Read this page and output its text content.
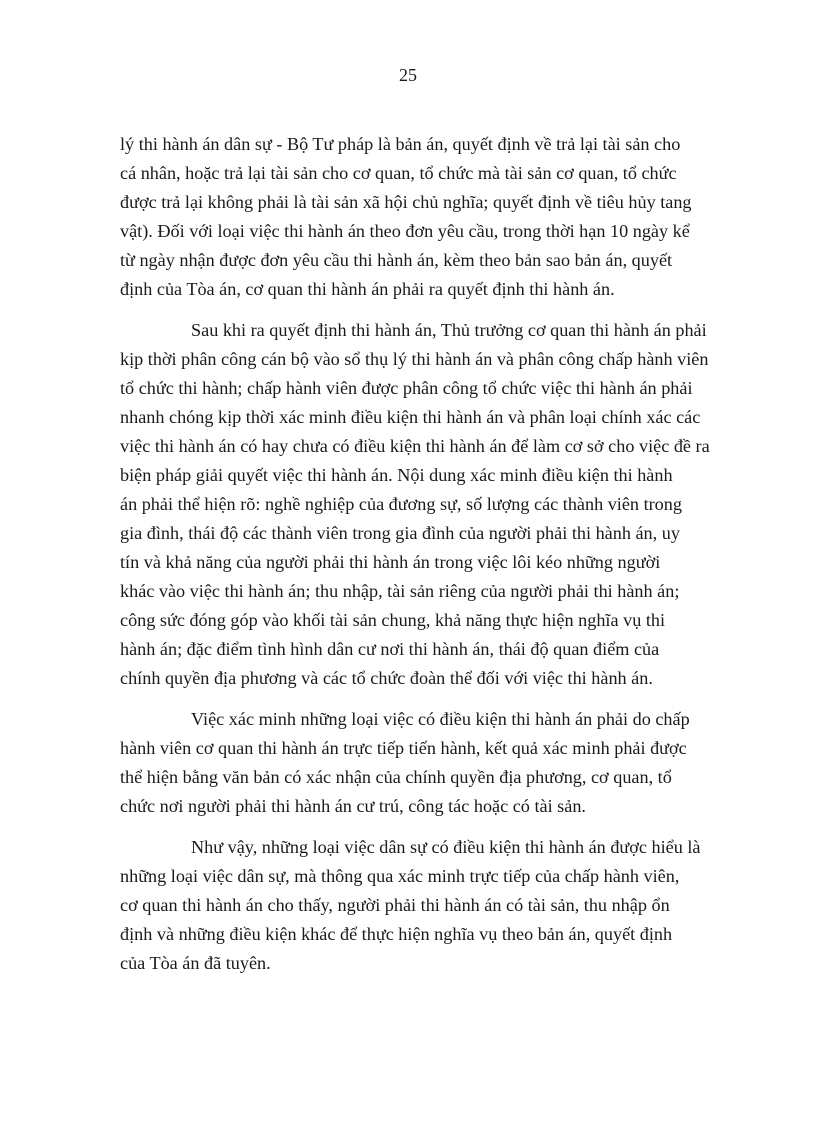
25
lý thi hành án dân sự - Bộ Tư pháp là bản án, quyết định về trả lại tài sản cho
cá nhân, hoặc trả lại tài sản cho cơ quan, tổ chức mà tài sản cơ quan, tổ chức
được trả lại không phải là tài sản xã hội chủ nghĩa; quyết định về tiêu hủy tang
vật). Đối với loại việc thi hành án theo đơn yêu cầu, trong thời hạn 10 ngày kể
từ ngày nhận được đơn yêu cầu thi hành án, kèm theo bản sao bản án, quyết
định của Tòa án, cơ quan thi hành án phải ra quyết định thi hành án.
Sau khi ra quyết định thi hành án, Thủ trưởng cơ quan thi hành án phải
kịp thời phân công cán bộ vào sổ thụ lý thi hành án và phân công chấp hành viên
tổ chức thi hành; chấp hành viên được phân công tổ chức việc thi hành án phải
nhanh chóng kịp thời xác minh điều kiện thi hành án và phân loại chính xác các
việc thi hành án có hay chưa có điều kiện thi hành án để làm cơ sở cho việc đề ra
biện pháp giải quyết việc thi hành án. Nội dung xác minh điều kiện thi hành
án phải thể hiện rõ: nghề nghiệp của đương sự, số lượng các thành viên trong
gia đình, thái độ các thành viên trong gia đình của người phải thi hành án, uy
tín và khả năng của người phải thi hành án trong việc lôi kéo những người
khác vào việc thi hành án; thu nhập, tài sản riêng của người phải thi hành án;
công sức đóng góp vào khối tài sản chung, khả năng thực hiện nghĩa vụ thi
hành án; đặc điểm tình hình dân cư nơi thi hành án, thái độ quan điểm của
chính quyền địa phương và các tổ chức đoàn thể đối với việc thi hành án.
Việc xác minh những loại việc có điều kiện thi hành án phải do chấp
hành viên cơ quan thi hành án trực tiếp tiến hành, kết quả xác minh phải được
thể hiện bằng văn bản có xác nhận của chính quyền địa phương, cơ quan, tổ
chức nơi người phải thi hành án cư trú, công tác hoặc có tài sản.
Như vậy, những loại việc dân sự có điều kiện thi hành án được hiểu là
những loại việc dân sự, mà thông qua xác minh trực tiếp của chấp hành viên,
cơ quan thi hành án cho thấy, người phải thi hành án có tài sản, thu nhập ổn
định và những điều kiện khác để thực hiện nghĩa vụ theo bản án, quyết định
của Tòa án đã tuyên.
